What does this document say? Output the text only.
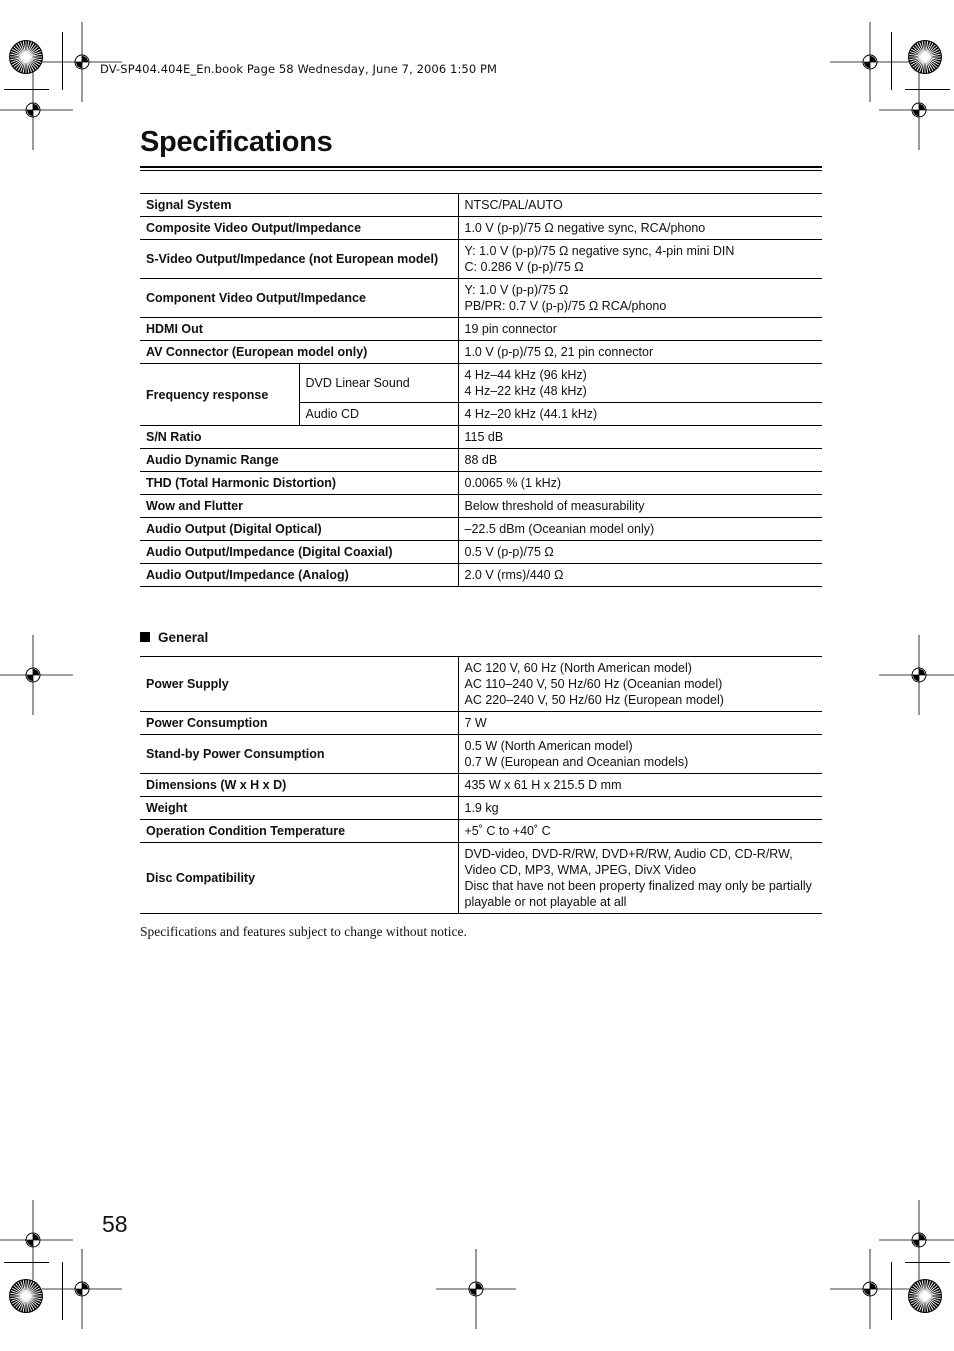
DV-SP404.404E_En.book Page 58 Wednesday, June 7, 2006 1:50 PM
Specifications
Signal System		NTSC/PAL/AUTO

Composite Video Output/Impedance		1.0 V (p-p)/75 Ω negative sync, RCA/phono

S-Video Output/Impedance (not European model)		Y: 1.0 V (p-p)/75 Ω negative sync, 4-pin mini DIN
C: 0.286 V (p-p)/75 Ω

Component Video Output/Impedance		Y: 1.0 V (p-p)/75 Ω
PB/PR: 0.7 V (p-p)/75 Ω RCA/phono

HDMI Out		19 pin connector

AV Connector (European model only)		1.0 V (p-p)/75 Ω, 21 pin connector

Frequency response	DVD Linear Sound	4 Hz–44 kHz (96 kHz)
4 Hz–22 kHz (48 kHz)

	Audio CD	4 Hz–20 kHz (44.1 kHz)

S/N Ratio		115 dB

Audio Dynamic Range		88 dB

THD (Total Harmonic Distortion)		0.0065 % (1 kHz)

Wow and Flutter		Below threshold of measurability

Audio Output (Digital Optical)		–22.5 dBm (Oceanian model only)

Audio Output/Impedance (Digital Coaxial)		0.5 V (p-p)/75 Ω

Audio Output/Impedance (Analog)		2.0 V (rms)/440 Ω
General
Power Supply	AC 120 V, 60 Hz (North American model)
AC 110–240 V, 50 Hz/60 Hz (Oceanian model)
AC 220–240 V, 50 Hz/60 Hz (European model)

Power Consumption	7 W

Stand-by Power Consumption	0.5 W (North American model)
0.7 W (European and Oceanian models)

Dimensions (W x H x D)	435 W x 61 H x 215.5 D mm

Weight	1.9 kg

Operation Condition Temperature	+5˚ C to +40˚ C

Disc Compatibility	DVD-video, DVD-R/RW, DVD+R/RW, Audio CD, CD-R/RW,
Video CD, MP3, WMA, JPEG, DivX Video
Disc that have not been property finalized may only be partially
playable or not playable at all
Specifications and features subject to change without notice.
58
